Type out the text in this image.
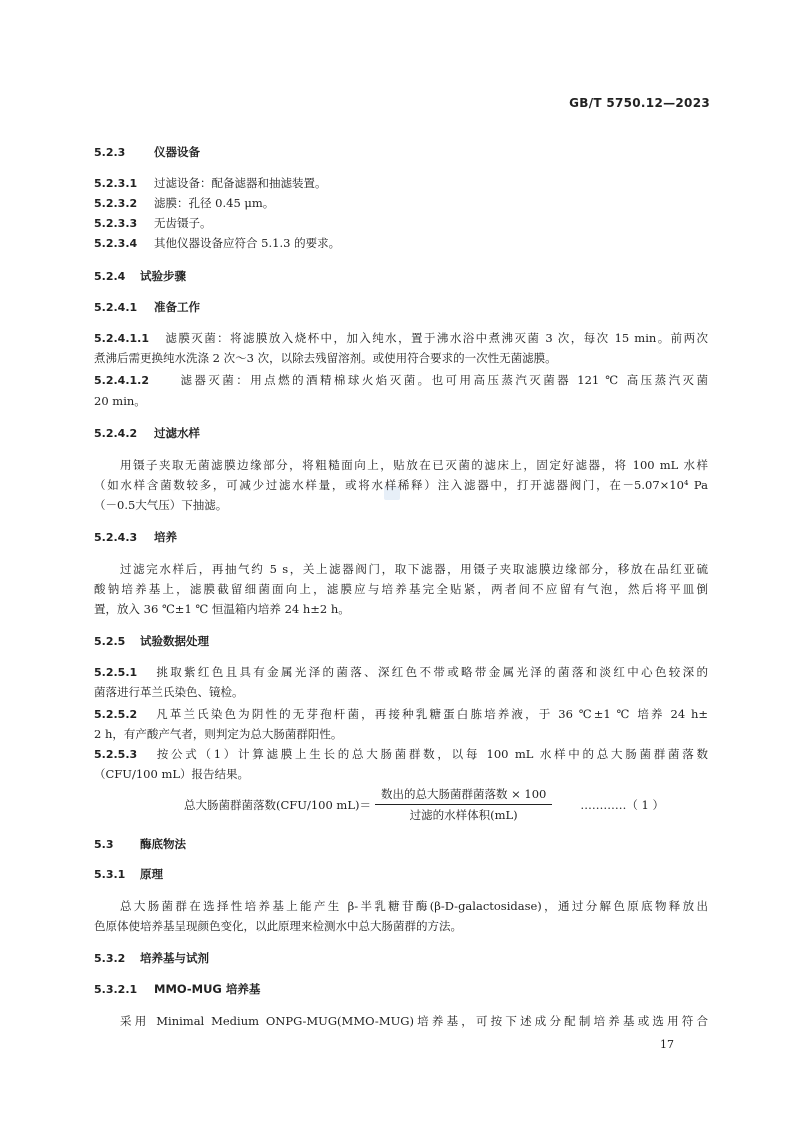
GB/T 5750.12—2023
5.2.3 仪器设备
5.2.3.1 过滤设备：配备滤器和抽滤装置。
5.2.3.2 滤膜：孔径 0.45 μm。
5.2.3.3 无齿镊子。
5.2.3.4 其他仪器设备应符合 5.1.3 的要求。
5.2.4 试验步骤
5.2.4.1 准备工作
5.2.4.1.1 滤膜灭菌：将滤膜放入烧杯中，加入纯水，置于沸水浴中煮沸灭菌 3 次，每次 15 min。前两次
煮沸后需更换纯水洗涤 2 次～3 次，以除去残留溶剂。或使用符合要求的一次性无菌滤膜。
5.2.4.1.2	滤器灭菌：用点燃的酒精棉球火焰灭菌。也可用高压蒸汽灭菌器 121 ℃ 高压蒸汽灭菌
20 min。
5.2.4.2 过滤水样
用镊子夹取无菌滤膜边缘部分，将粗糙面向上，贴放在已灭菌的滤床上，固定好滤器，将 100 mL 水样
（如水样含菌数较多，可减少过滤水样量，或将水样稀释）注入滤器中，打开滤器阀门，在－5.07×10⁴ Pa
（－0.5大气压）下抽滤。
5.2.4.3 培养
过滤完水样后，再抽气约 5 s，关上滤器阀门，取下滤器，用镊子夹取滤膜边缘部分，移放在品红亚硫
酸钠培养基上，滤膜截留细菌面向上，滤膜应与培养基完全贴紧，两者间不应留有气泡，然后将平皿倒
置，放入 36 ℃±1 ℃ 恒温箱内培养 24 h±2 h。
5.2.5 试验数据处理
5.2.5.1 挑取紫红色且具有金属光泽的菌落、深红色不带或略带金属光泽的菌落和淡红中心色较深的
菌落进行革兰氏染色、镜检。
5.2.5.2 凡革兰氏染色为阴性的无芽孢杆菌，再接种乳糖蛋白胨培养液，于 36 ℃±1 ℃ 培养 24 h±
2 h，有产酸产气者，则判定为总大肠菌群阳性。
5.2.5.3 按公式（1）计算滤膜上生长的总大肠菌群数，以每 100 mL 水样中的总大肠菌群菌落数
（CFU/100 mL）报告结果。
总大肠菌群菌落数(CFU/100 $mL)= \frac{\text{数出的总大肠菌群菌落数 × 100}}{\text{过滤的水样体积(mL)}}$ …………（ 1 ）
5.3 酶底物法
5.3.1 原理
总大肠菌群在选择性培养基上能产生 β-半乳糖苷酶(β-D-galactosidase)，通过分解色原底物释放出
色原体使培养基呈现颜色变化，以此原理来检测水中总大肠菌群的方法。
5.3.2 培养基与试剂
5.3.2.1 MMO-MUG 培养基
采用 Minimal Medium ONPG-MUG(MMO-MUG)培养基，可按下述成分配制培养基或选用符合
17
